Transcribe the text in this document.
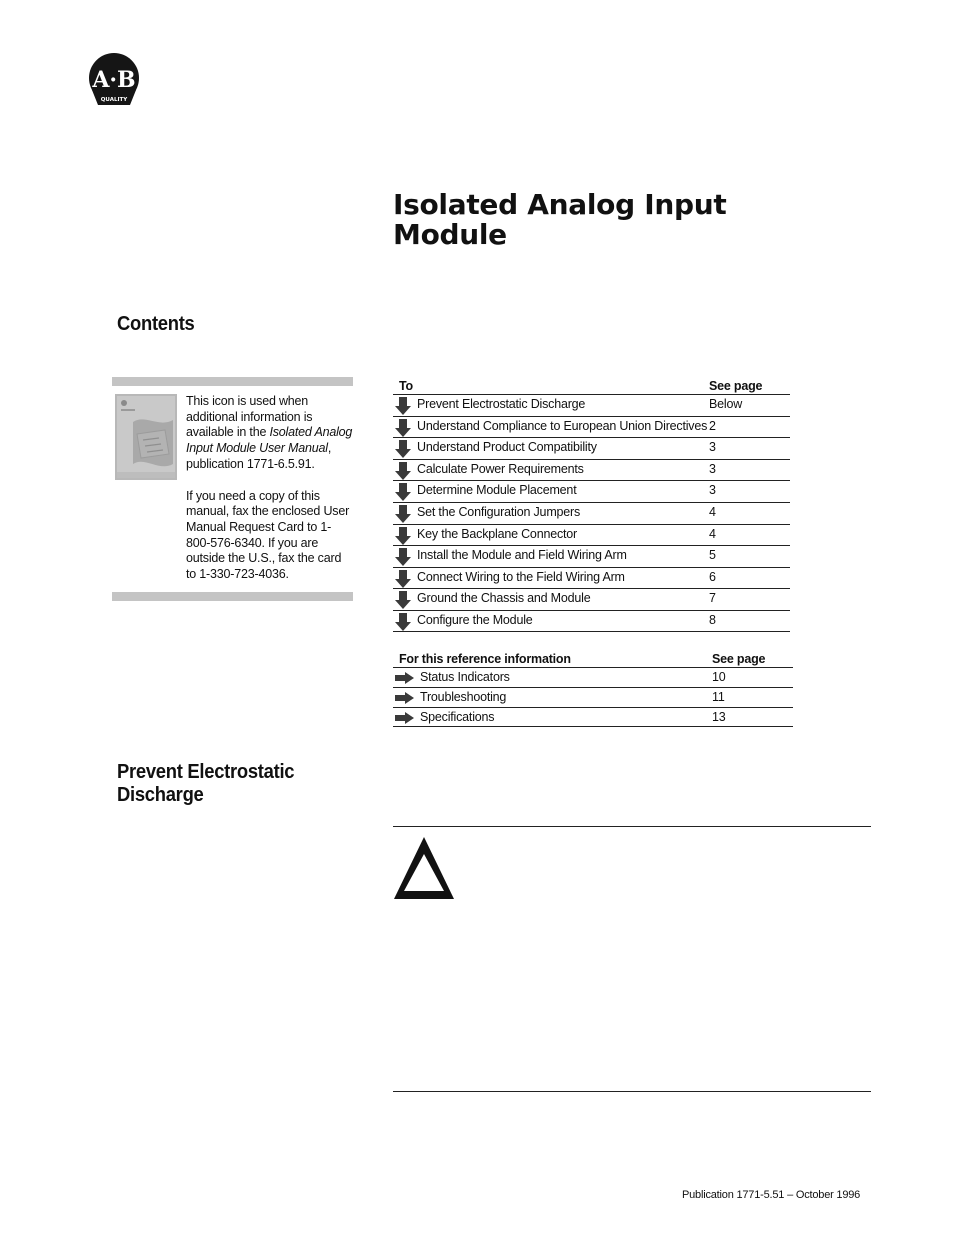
A·B
QUALITY
Isolated Analog Input
Module
Contents

This icon is used when additional information is available in the Isolated Analog Input Module User Manual, publication 1771-6.5.91.

If you need a copy of this manual, fax the enclosed User Manual Request Card to 1-800-576-6340. If you are outside the U.S., fax the card to 1-330-723-4036.

To	See page
Prevent Electrostatic Discharge	Below
Understand Compliance to European Union Directives 2
Understand Product Compatibility	3
Calculate Power Requirements	3
Determine Module Placement	3
Set the Configuration Jumpers	4
Key the Backplane Connector	4
Install the Module and Field Wiring Arm	5
Connect Wiring to the Field Wiring Arm	6
Ground the Chassis and Module	7
Configure the Module	8
For this reference information	See page
Status Indicators	10
Troubleshooting	11
Specifications	13
Prevent Electrostatic
Discharge
Publication 1771-5.51 – October 1996
